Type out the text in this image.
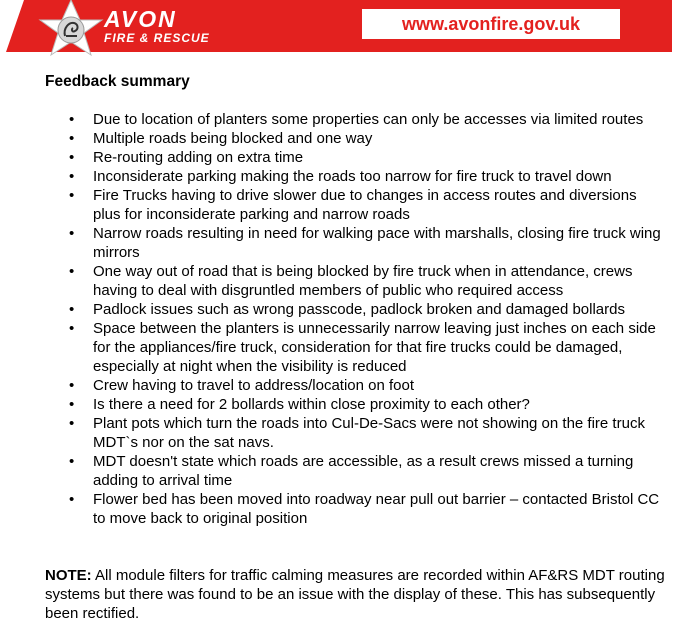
AVON
FIRE & RESCUE
www.avonfire.gov.uk
Feedback summary
• Due to location of planters some properties can only be accesses via limited routes
• Multiple roads being blocked and one way
• Re-routing adding on extra time
• Inconsiderate parking making the roads too narrow for fire truck to travel down
• Fire Trucks having to drive slower due to changes in access routes and diversions plus for inconsiderate parking and narrow roads
• Narrow roads resulting in need for walking pace with marshalls, closing fire truck wing mirrors
• One way out of road that is being blocked by fire truck when in attendance, crews having to deal with disgruntled members of public who required access
• Padlock issues such as wrong passcode, padlock broken and damaged bollards
• Space between the planters is unnecessarily narrow leaving just inches on each side for the appliances/fire truck, consideration for that fire trucks could be damaged, especially at night when the visibility is reduced
• Crew having to travel to address/location on foot
• Is there a need for 2 bollards within close proximity to each other?
• Plant pots which turn the roads into Cul-De-Sacs were not showing on the fire truck MDT`s nor on the sat navs.
• MDT doesn't state which roads are accessible, as a result crews missed a turning adding to arrival time
• Flower bed has been moved into roadway near pull out barrier – contacted Bristol CC to move back to original position
NOTE: All module filters for traffic calming measures are recorded within AF&RS MDT routing systems but there was found to be an issue with the display of these. This has subsequently been rectified.
